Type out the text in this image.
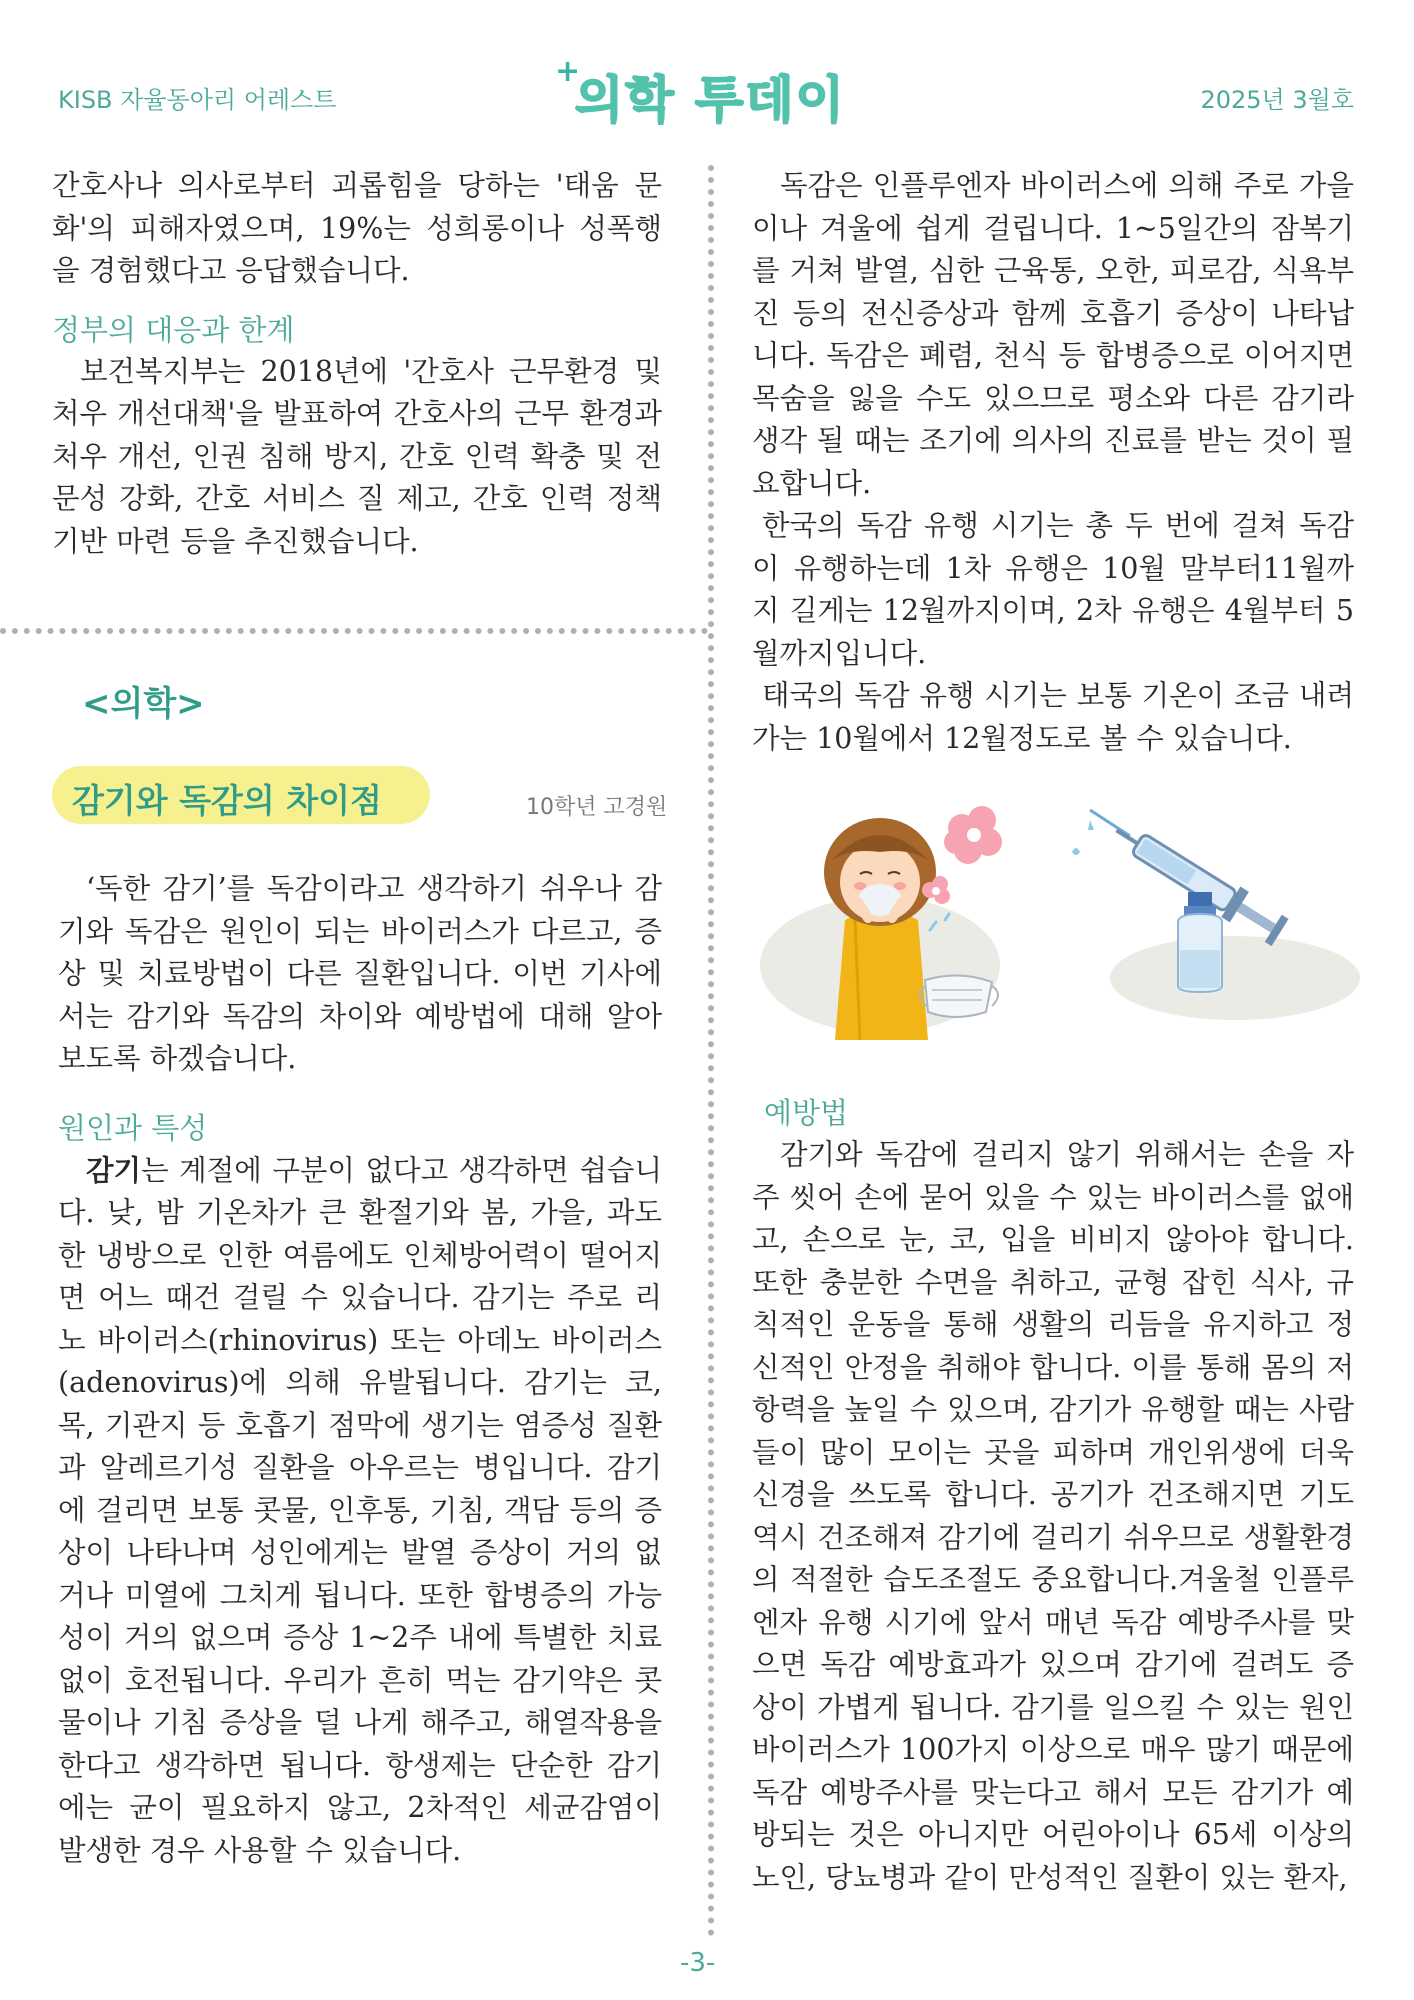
KISB 자율동아리 어레스트
+
의학 투데이	2025년 3월호

간호사나 의사로부터 괴롭힘을 당하는 '태움 문화'의 피해자였으며, 19%는 성희롱이나 성폭행을 경험했다고 응답했습니다.

정부의 대응과 한계

보건복지부는 2018년에 '간호사 근무환경 및 처우 개선대책'을 발표하여 간호사의 근무 환경과 처우 개선, 인권 침해 방지, 간호 인력 확충 및 전문성 강화, 간호 서비스 질 제고, 간호 인력 정책 기반 마련 등을 추진했습니다.

<의학>
감기와 독감의 차이점	10학년 고경원

‘독한 감기’를 독감이라고 생각하기 쉬우나 감기와 독감은 원인이 되는 바이러스가 다르고, 증상 및 치료방법이 다른 질환입니다. 이번 기사에서는 감기와 독감의 차이와 예방법에 대해 알아보도록 하겠습니다.

원인과 특성

감기는 계절에 구분이 없다고 생각하면 쉽습니다. 낮, 밤 기온차가 큰 환절기와 봄, 가을, 과도한 냉방으로 인한 여름에도 인체방어력이 떨어지면 어느 때건 걸릴 수 있습니다. 감기는 주로 리노 바이러스(rhinovirus) 또는 아데노 바이러스(adenovirus)에 의해 유발됩니다. 감기는 코, 목, 기관지 등 호흡기 점막에 생기는 염증성 질환과 알레르기성 질환을 아우르는 병입니다. 감기에 걸리면 보통 콧물, 인후통, 기침, 객담 등의 증상이 나타나며 성인에게는 발열 증상이 거의 없거나 미열에 그치게 됩니다. 또한 합병증의 가능성이 거의 없으며 증상 1~2주 내에 특별한 치료없이 호전됩니다. 우리가 흔히 먹는 감기약은 콧물이나 기침 증상을 덜 나게 해주고, 해열작용을 한다고 생각하면 됩니다. 항생제는 단순한 감기에는 균이 필요하지 않고, 2차적인 세균감염이 발생한 경우 사용할 수 있습니다.

독감은 인플루엔자 바이러스에 의해 주로 가을이나 겨울에 쉽게 걸립니다. 1~5일간의 잠복기를 거쳐 발열, 심한 근육통, 오한, 피로감, 식욕부진 등의 전신증상과 함께 호흡기 증상이 나타납니다. 독감은 폐렴, 천식 등 합병증으로 이어지면 목숨을 잃을 수도 있으므로 평소와 다른 감기라 생각 될 때는 조기에 의사의 진료를 받는 것이 필요합니다.

한국의 독감 유행 시기는 총 두 번에 걸쳐 독감이 유행하는데 1차 유행은 10월 말부터11월까지 길게는 12월까지이며, 2차 유행은 4월부터 5월까지입니다.

태국의 독감 유행 시기는 보통 기온이 조금 내려가는 10월에서 12월정도로 볼 수 있습니다.

예방법

감기와 독감에 걸리지 않기 위해서는 손을 자주 씻어 손에 묻어 있을 수 있는 바이러스를 없애고, 손으로 눈, 코, 입을 비비지 않아야 합니다. 또한 충분한 수면을 취하고, 균형 잡힌 식사, 규칙적인 운동을 통해 생활의 리듬을 유지하고 정신적인 안정을 취해야 합니다. 이를 통해 몸의 저항력을 높일 수 있으며, 감기가 유행할 때는 사람들이 많이 모이는 곳을 피하며 개인위생에 더욱 신경을 쓰도록 합니다. 공기가 건조해지면 기도 역시 건조해져 감기에 걸리기 쉬우므로 생활환경의 적절한 습도조절도 중요합니다.겨울철 인플루엔자 유행 시기에 앞서 매년 독감 예방주사를 맞으면 독감 예방효과가 있으며 감기에 걸려도 증상이 가볍게 됩니다. 감기를 일으킬 수 있는 원인 바이러스가 100가지 이상으로 매우 많기 때문에 독감 예방주사를 맞는다고 해서 모든 감기가 예방되는 것은 아니지만 어린아이나 65세 이상의 노인, 당뇨병과 같이 만성적인 질환이 있는 환자,

-3-
